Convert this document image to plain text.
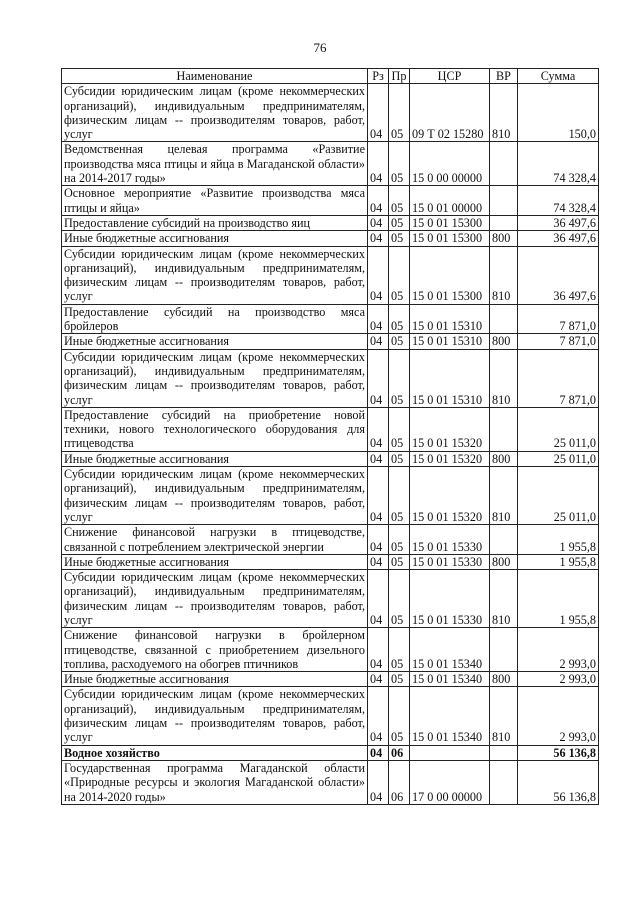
76
Наименование	Рз	Пр	ЦСР	ВР	Сумма
Субсидии юридическим лицам (кроме некоммерческих организаций), индивидуальным предпринимателям, физическим лицам -- производителям товаров, работ, услуг	04	05	09 Т 02 15280	810	150,0
Ведомственная целевая программа «Развитие производства мяса птицы и яйца в Магаданской области» на 2014-2017 годы»	04	05	15 0 00 00000		74 328,4
Основное мероприятие «Развитие производства мяса птицы и яйца»	04	05	15 0 01 00000		74 328,4
Предоставление субсидий на производство яиц	04	05	15 0 01 15300		36 497,6
Иные бюджетные ассигнования	04	05	15 0 01 15300	800	36 497,6
Субсидии юридическим лицам (кроме некоммерческих организаций), индивидуальным предпринимателям, физическим лицам -- производителям товаров, работ, услуг	04	05	15 0 01 15300	810	36 497,6
Предоставление субсидий на производство мяса бройлеров	04	05	15 0 01 15310		7 871,0
Иные бюджетные ассигнования	04	05	15 0 01 15310	800	7 871,0
Субсидии юридическим лицам (кроме некоммерческих организаций), индивидуальным предпринимателям, физическим лицам -- производителям товаров, работ, услуг	04	05	15 0 01 15310	810	7 871,0
Предоставление субсидий на приобретение новой техники, нового технологического оборудования для птицеводства	04	05	15 0 01 15320		25 011,0
Иные бюджетные ассигнования	04	05	15 0 01 15320	800	25 011,0
Субсидии юридическим лицам (кроме некоммерческих организаций), индивидуальным предпринимателям, физическим лицам -- производителям товаров, работ, услуг	04	05	15 0 01 15320	810	25 011,0
Снижение финансовой нагрузки в птицеводстве, связанной с потреблением электрической энергии	04	05	15 0 01 15330		1 955,8
Иные бюджетные ассигнования	04	05	15 0 01 15330	800	1 955,8
Субсидии юридическим лицам (кроме некоммерческих организаций), индивидуальным предпринимателям, физическим лицам -- производителям товаров, работ, услуг	04	05	15 0 01 15330	810	1 955,8
Снижение финансовой нагрузки в бройлерном птицеводстве, связанной с приобретением дизельного топлива, расходуемого на обогрев птичников	04	05	15 0 01 15340		2 993,0
Иные бюджетные ассигнования	04	05	15 0 01 15340	800	2 993,0
Субсидии юридическим лицам (кроме некоммерческих организаций), индивидуальным предпринимателям, физическим лицам -- производителям товаров, работ, услуг	04	05	15 0 01 15340	810	2 993,0
Водное хозяйство	04	06			56 136,8
Государственная программа Магаданской области «Природные ресурсы и экология Магаданской области» на 2014-2020 годы»	04	06	17 0 00 00000		56 136,8
